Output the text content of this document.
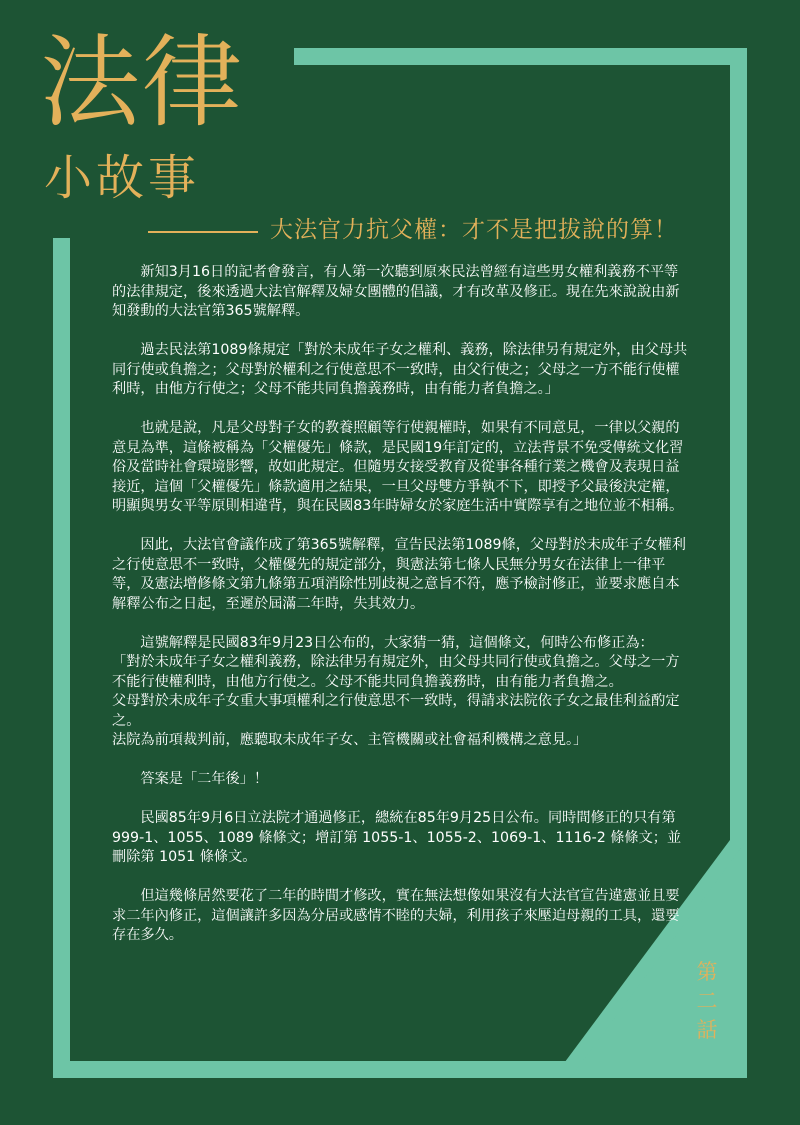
法律
小故事
大法官力抗父權：才不是把拔說的算！

新知3月16日的記者會發言，有人第一次聽到原來民法曾經有這些男女權利義務不平等的法律規定，後來透過大法官解釋及婦女團體的倡議，才有改革及修正。現在先來說說由新知發動的大法官第365號解釋。

過去民法第1089條規定「對於未成年子女之權利、義務，除法律另有規定外，由父母共同行使或負擔之；父母對於權利之行使意思不一致時，由父行使之；父母之一方不能行使權利時，由他方行使之；父母不能共同負擔義務時，由有能力者負擔之。」

也就是說，凡是父母對子女的教養照顧等行使親權時，如果有不同意見，一律以父親的意見為準，這條被稱為「父權優先」條款，是民國19年訂定的，立法背景不免受傳統文化習俗及當時社會環境影響，故如此規定。但隨男女接受教育及從事各種行業之機會及表現日益接近，這個「父權優先」條款適用之結果，一旦父母雙方爭執不下，即授予父最後決定權，明顯與男女平等原則相違背，與在民國83年時婦女於家庭生活中實際享有之地位並不相稱。

因此，大法官會議作成了第365號解釋，宣告民法第1089條，父母對於未成年子女權利之行使意思不一致時，父權優先的規定部分，與憲法第七條人民無分男女在法律上一律平等，及憲法增修條文第九條第五項消除性別歧視之意旨不符，應予檢討修正，並要求應自本解釋公布之日起，至遲於屆滿二年時，失其效力。

這號解釋是民國83年9月23日公布的，大家猜一猜，這個條文，何時公布修正為：

「對於未成年子女之權利義務，除法律另有規定外，由父母共同行使或負擔之。父母之一方不能行使權利時，由他方行使之。父母不能共同負擔義務時，由有能力者負擔之。

父母對於未成年子女重大事項權利之行使意思不一致時，得請求法院依子女之最佳利益酌定之。

法院為前項裁判前，應聽取未成年子女、主管機關或社會福利機構之意見。」

答案是「二年後」！

民國85年9月6日立法院才通過修正，總統在85年9月25日公布。同時間修正的只有第999-1、1055、1089 條條文；增訂第 1055-1、1055-2、1069-1、1116-2 條條文；並刪除第 1051 條條文。

但這幾條居然要花了二年的時間才修改，實在無法想像如果沒有大法官宣告違憲並且要求二年內修正，這個讓許多因為分居或感情不睦的夫婦，利用孩子來壓迫母親的工具，還要存在多久。

第
二
話
